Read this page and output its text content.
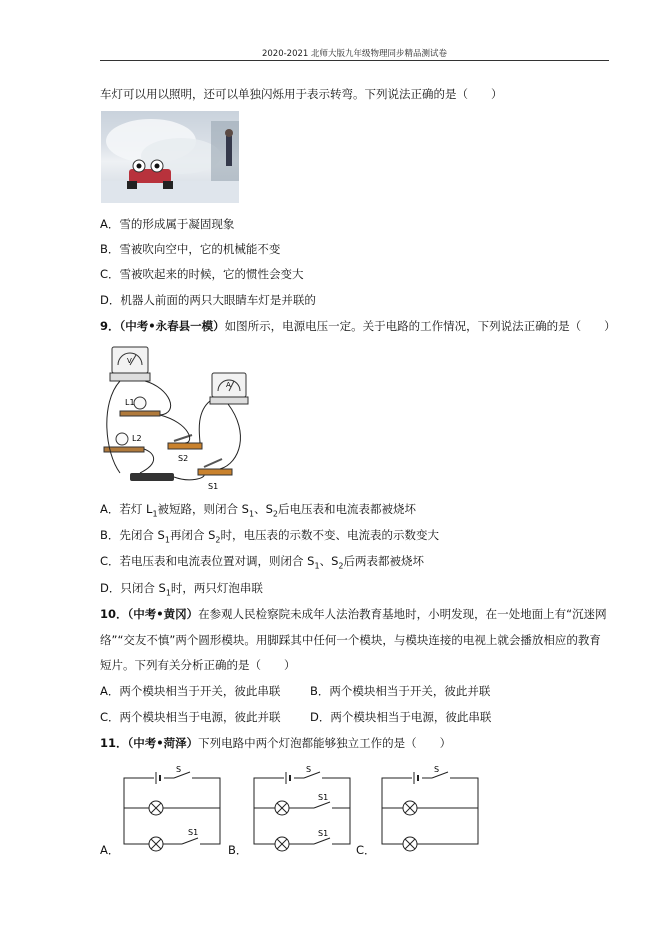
2020-2021 北师大版九年级物理同步精品测试卷
车灯可以用以照明，还可以单独闪烁用于表示转弯。下列说法正确的是（　　）
A．雪的形成属于凝固现象
B．雪被吹向空中，它的机械能不变
C．雪被吹起来的时候，它的惯性会变大
D．机器人前面的两只大眼睛车灯是并联的
9．（中考•永春县一模）如图所示，电源电压一定。关于电路的工作情况，下列说法正确的是（　　）
V
A
L1
L2
S2
S1
A．若灯 $L_1$被短路，则闭合 $S_1$、$S_2$后电压表和电流表都被烧坏
B．先闭合 $S_1$再闭合 $S_2$时，电压表的示数不变、电流表的示数变大
C．若电压表和电流表位置对调，则闭合 $S_1$、$S_2$后两表都被烧坏
D．只闭合 $S_1$时，两只灯泡串联
10．（中考•黄冈）在参观人民检察院未成年人法治教育基地时，小明发现，在一处地面上有“沉迷网
络”“交友不慎”两个圆形模块。用脚踩其中任何一个模块，与模块连接的电视上就会播放相应的教育
短片。下列有关分析正确的是（　　）
A．两个模块相当于开关，彼此串联	B．两个模块相当于开关，彼此并联
C．两个模块相当于电源，彼此并联	D．两个模块相当于电源，彼此串联
11．（中考•菏泽）下列电路中两个灯泡都能够独立工作的是（　　）
S
S1
A．
S
S1
S1
B．
S
C．
